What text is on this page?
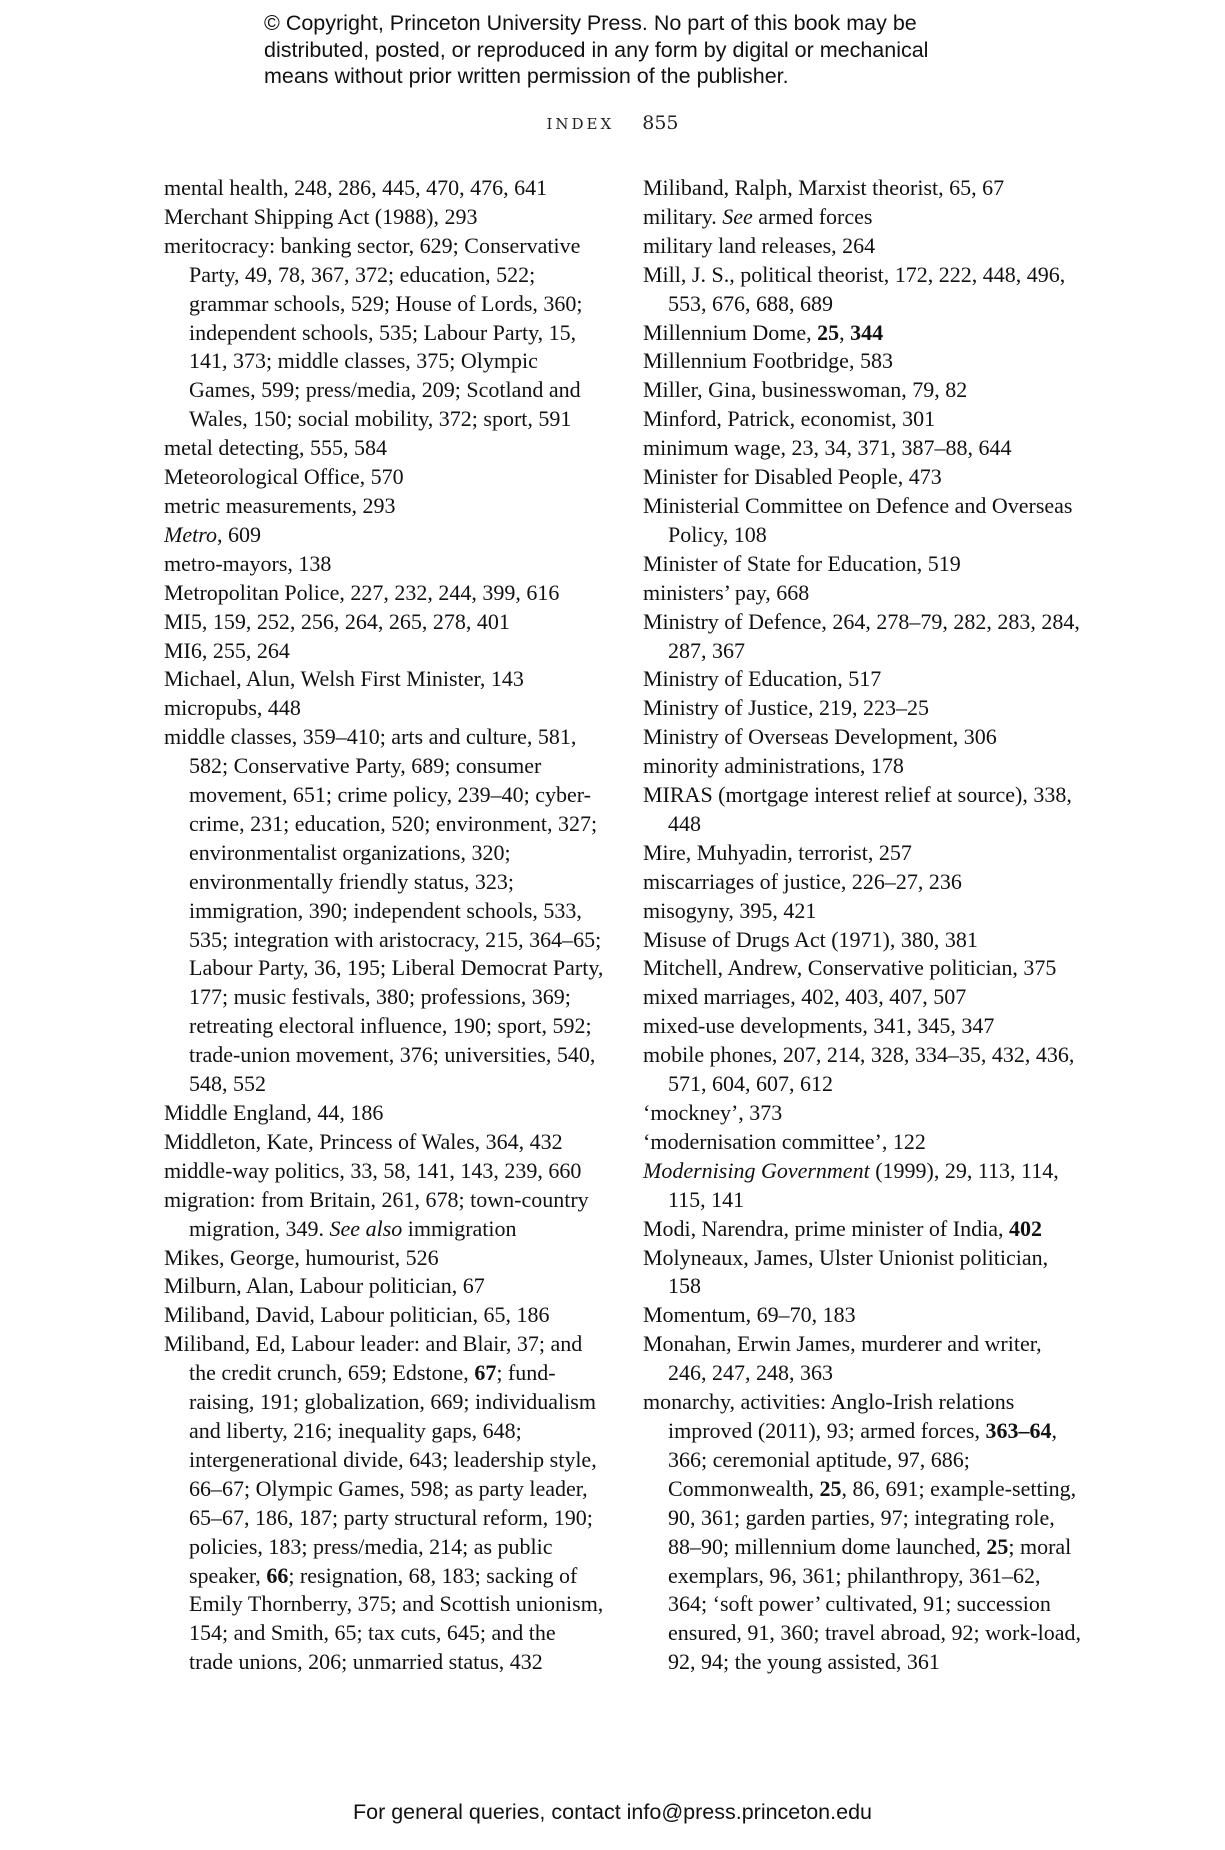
© Copyright, Princeton University Press. No part of this book may be
distributed, posted, or reproduced in any form by digital or mechanical
means without prior written permission of the publisher.
INDEX 855

mental health, 248, 286, 445, 470, 476, 641

Merchant Shipping Act (1988), 293

meritocracy: banking sector, 629; Conservative Party, 49, 78, 367, 372; education, 522; grammar schools, 529; House of Lords, 360; independent schools, 535; Labour Party, 15, 141, 373; middle classes, 375; Olympic Games, 599; press/media, 209; Scotland and Wales, 150; social mobility, 372; sport, 591

metal detecting, 555, 584

Meteorological Office, 570

metric measurements, 293

Metro, 609

metro-mayors, 138

Metropolitan Police, 227, 232, 244, 399, 616

MI5, 159, 252, 256, 264, 265, 278, 401

MI6, 255, 264

Michael, Alun, Welsh First Minister, 143

micropubs, 448

middle classes, 359–410; arts and culture, 581, 582; Conservative Party, 689; consumer movement, 651; crime policy, 239–40; cyber-crime, 231; education, 520; environment, 327; environmentalist organizations, 320; environmentally friendly status, 323; immigration, 390; independent schools, 533, 535; integration with aristocracy, 215, 364–65; Labour Party, 36, 195; Liberal Democrat Party, 177; music festivals, 380; professions, 369; retreating electoral influence, 190; sport, 592; trade-union movement, 376; universities, 540, 548, 552

Middle England, 44, 186

Middleton, Kate, Princess of Wales, 364, 432

middle-way politics, 33, 58, 141, 143, 239, 660

migration: from Britain, 261, 678; town-country migration, 349. See also immigration

Mikes, George, humourist, 526

Milburn, Alan, Labour politician, 67

Miliband, David, Labour politician, 65, 186

Miliband, Ed, Labour leader: and Blair, 37; and the credit crunch, 659; Edstone, 67; fund-raising, 191; globalization, 669; individualism and liberty, 216; inequality gaps, 648; intergenerational divide, 643; leadership style, 66–67; Olympic Games, 598; as party leader, 65–67, 186, 187; party structural reform, 190; policies, 183; press/media, 214; as public speaker, 66; resignation, 68, 183; sacking of Emily Thornberry, 375; and Scottish unionism, 154; and Smith, 65; tax cuts, 645; and the trade unions, 206; unmarried status, 432

Miliband, Ralph, Marxist theorist, 65, 67

military. See armed forces

military land releases, 264

Mill, J. S., political theorist, 172, 222, 448, 496, 553, 676, 688, 689

Millennium Dome, 25, 344

Millennium Footbridge, 583

Miller, Gina, businesswoman, 79, 82

Minford, Patrick, economist, 301

minimum wage, 23, 34, 371, 387–88, 644

Minister for Disabled People, 473

Ministerial Committee on Defence and Overseas Policy, 108

Minister of State for Education, 519

ministers’ pay, 668

Ministry of Defence, 264, 278–79, 282, 283, 284, 287, 367

Ministry of Education, 517

Ministry of Justice, 219, 223–25

Ministry of Overseas Development, 306

minority administrations, 178

MIRAS (mortgage interest relief at source), 338, 448

Mire, Muhyadin, terrorist, 257

miscarriages of justice, 226–27, 236

misogyny, 395, 421

Misuse of Drugs Act (1971), 380, 381

Mitchell, Andrew, Conservative politician, 375

mixed marriages, 402, 403, 407, 507

mixed-use developments, 341, 345, 347

mobile phones, 207, 214, 328, 334–35, 432, 436, 571, 604, 607, 612

‘mockney’, 373

‘modernisation committee’, 122

Modernising Government (1999), 29, 113, 114, 115, 141

Modi, Narendra, prime minister of India, 402

Molyneaux, James, Ulster Unionist politician, 158

Momentum, 69–70, 183

Monahan, Erwin James, murderer and writer, 246, 247, 248, 363

monarchy, activities: Anglo-Irish relations improved (2011), 93; armed forces, 363–64, 366; ceremonial aptitude, 97, 686; Commonwealth, 25, 86, 691; example-setting, 90, 361; garden parties, 97; integrating role, 88–90; millennium dome launched, 25; moral exemplars, 96, 361; philanthropy, 361–62, 364; ‘soft power’ cultivated, 91; succession ensured, 91, 360; travel abroad, 92; work-load, 92, 94; the young assisted, 361

For general queries, contact info@press.princeton.edu
